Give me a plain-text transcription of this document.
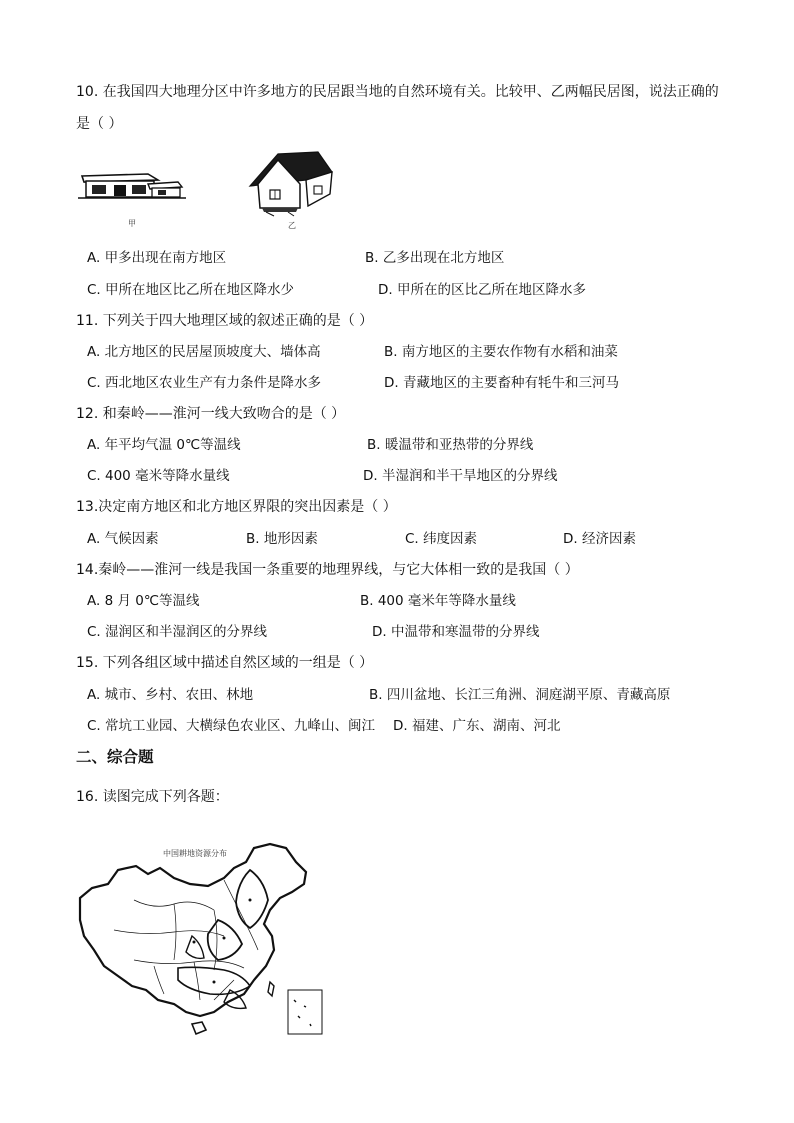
10. 在我国四大地理分区中许多地方的民居跟当地的自然环境有关。比较甲、乙两幅民居图，说法正确的
是（ ）
甲	乙
A. 甲多出现在南方地区	B. 乙多出现在北方地区
C. 甲所在地区比乙所在地区降水少	D. 甲所在的区比乙所在地区降水多
11. 下列关于四大地理区域的叙述正确的是（ ）
A. 北方地区的民居屋顶坡度大、墙体高	B. 南方地区的主要农作物有水稻和油菜
C. 西北地区农业生产有力条件是降水多	D. 青藏地区的主要畜种有牦牛和三河马
12. 和秦岭——淮河一线大致吻合的是（ ）
A. 年平均气温 0℃等温线	B. 暖温带和亚热带的分界线
C. 400 毫米等降水量线	D. 半湿润和半干旱地区的分界线
13.决定南方地区和北方地区界限的突出因素是（ ）
A. 气候因素	B. 地形因素	C. 纬度因素	D. 经济因素
14.秦岭——淮河一线是我国一条重要的地理界线，与它大体相一致的是我国（ ）
A. 8 月 0℃等温线	B. 400 毫米年等降水量线
C. 湿润区和半湿润区的分界线	D. 中温带和寒温带的分界线
15. 下列各组区域中描述自然区域的一组是（ ）
A. 城市、乡村、农田、林地	B. 四川盆地、长江三角洲、洞庭湖平原、青藏高原
C. 常坑工业园、大横绿色农业区、九峰山、闽江 D. 福建、广东、湖南、河北
二、综合题
16. 读图完成下列各题：
中国耕地资源分布
